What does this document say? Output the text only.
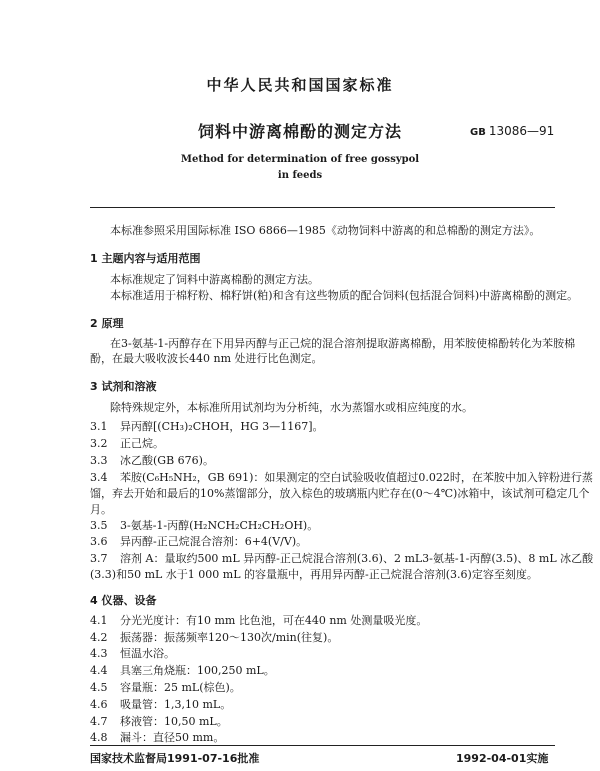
中华人民共和国国家标准
饲料中游离棉酚的测定方法	GB 13086—91
Method for determination of free gossypol
in feeds
本标准参照采用国际标准 ISO 6866—1985《动物饲料中游离的和总棉酚的测定方法》。
1 主题内容与适用范围
本标准规定了饲料中游离棉酚的测定方法。
本标准适用于棉籽粉、棉籽饼(粕)和含有这些物质的配合饲料(包括混合饲料)中游离棉酚的测定。
2 原理
在3-氨基-1-丙醇存在下用异丙醇与正己烷的混合溶剂提取游离棉酚，用苯胺使棉酚转化为苯胺棉
酚，在最大吸收波长440 nm 处进行比色测定。
3 试剂和溶液
除特殊规定外，本标准所用试剂均为分析纯，水为蒸馏水或相应纯度的水。
3.1 异丙醇[(CH₃)₂CHOH，HG 3—1167]。
3.2 正己烷。
3.3 冰乙酸(GB 676)。
3.4 苯胺(C₆H₅NH₂，GB 691)：如果测定的空白试验吸收值超过0.022时，在苯胺中加入锌粉进行蒸
馏，弃去开始和最后的10%蒸馏部分，放入棕色的玻璃瓶内贮存在(0～4℃)冰箱中，该试剂可稳定几个
月。
3.5 3-氨基-1-丙醇(H₂NCH₂CH₂CH₂OH)。
3.6 异丙醇-正己烷混合溶剂：6+4(V/V)。
3.7 溶剂 A：量取约500 mL 异丙醇-正己烷混合溶剂(3.6)、2 mL3-氨基-1-丙醇(3.5)、8 mL 冰乙酸
(3.3)和50 mL 水于1 000 mL 的容量瓶中，再用异丙醇-正己烷混合溶剂(3.6)定容至刻度。
4 仪器、设备
4.1 分光光度计：有10 mm 比色池，可在440 nm 处测量吸光度。
4.2 振荡器：振荡频率120～130次/min(往复)。
4.3 恒温水浴。
4.4 具塞三角烧瓶：100,250 mL。
4.5 容量瓶：25 mL(棕色)。
4.6 吸量管：1,3,10 mL。
4.7 移液管：10,50 mL。
4.8 漏斗：直径50 mm。
国家技术监督局1991-07-16批准	1992-04-01实施
